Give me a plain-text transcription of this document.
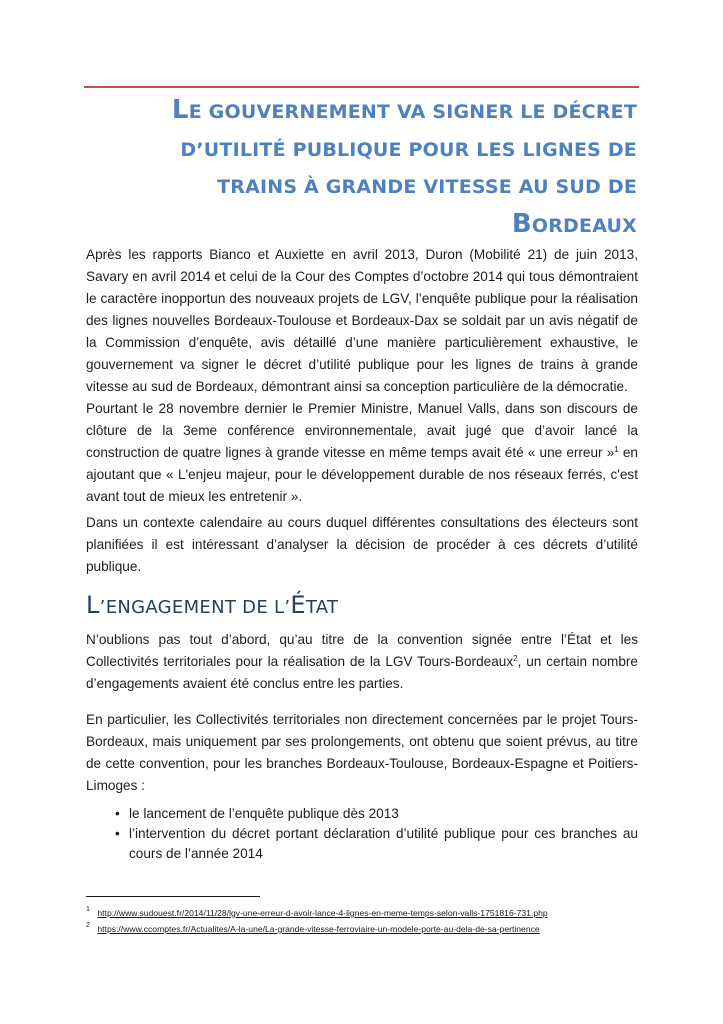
LE GOUVERNEMENT VA SIGNER LE DÉCRET
D’UTILITÉ PUBLIQUE POUR LES LIGNES DE
TRAINS À GRANDE VITESSE AU SUD DE
BORDEAUX

Après les rapports Bianco et Auxiette en avril 2013, Duron (Mobilité 21) de juin 2013, Savary en avril 2014 et celui de la Cour des Comptes d’octobre 2014 qui tous démontraient le caractère inopportun des nouveaux projets de LGV, l’enquête publique pour la réalisation des lignes nouvelles Bordeaux-Toulouse et Bordeaux-Dax se soldait par un avis négatif de la Commission d’enquête, avis détaillé d’une manière particulièrement exhaustive, le gouvernement va signer le décret d’utilité publique pour les lignes de trains à grande vitesse au sud de Bordeaux, démontrant ainsi sa conception particulière de la démocratie.

Pourtant le 28 novembre dernier le Premier Ministre, Manuel Valls, dans son discours de clôture de la 3eme conférence environnementale, avait jugé que d’avoir lancé la construction de quatre lignes à grande vitesse en même temps avait été « une erreur »$^1$ en ajoutant que « L'enjeu majeur, pour le développement durable de nos réseaux ferrés, c'est avant tout de mieux les entretenir ».

Dans un contexte calendaire au cours duquel différentes consultations des électeurs sont planifiées il est intéressant d’analyser la décision de procéder à ces décrets d’utilité publique.

L’ENGAGEMENT DE L’ÉTAT

N’oublions pas tout d’abord, qu’au titre de la convention signée entre l’État et les Collectivités territoriales pour la réalisation de la LGV Tours-Bordeaux$^2$, un certain nombre d’engagements avaient été conclus entre les parties.

En particulier, les Collectivités territoriales non directement concernées par le projet Tours-Bordeaux, mais uniquement par ses prolongements, ont obtenu que soient prévus, au titre de cette convention, pour les branches Bordeaux-Toulouse, Bordeaux-Espagne et Poitiers-Limoges :

• le lancement de l’enquête publique dès 2013
• l’intervention du décret portant déclaration d’utilité publique pour ces branches au cours de l’année 2014
1 http://www.sudouest.fr/2014/11/28/lgv-une-erreur-d-avoir-lance-4-lignes-en-meme-temps-selon-valls-1751816-731.php
2 https://www.ccomptes.fr/Actualites/A-la-une/La-grande-vitesse-ferroviaire-un-modele-porte-au-dela-de-sa-pertinence
